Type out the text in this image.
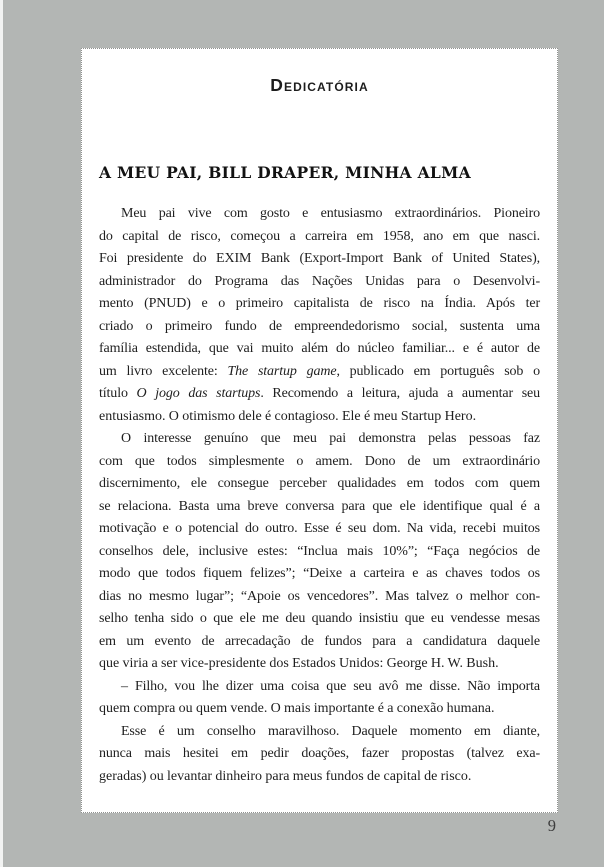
Dedicatória
A MEU PAI, BILL DRAPER, MINHA ALMA
Meu pai vive com gosto e entusiasmo extraordinários. Pioneiro
do capital de risco, começou a carreira em 1958, ano em que nasci.
Foi presidente do EXIM Bank (Export-Import Bank of United States),
administrador do Programa das Nações Unidas para o Desenvolvi-
mento (PNUD) e o primeiro capitalista de risco na Índia. Após ter
criado o primeiro fundo de empreendedorismo social, sustenta uma
família estendida, que vai muito além do núcleo familiar... e é autor de
um livro excelente: The startup game, publicado em português sob o
título O jogo das startups. Recomendo a leitura, ajuda a aumentar seu
entusiasmo. O otimismo dele é contagioso. Ele é meu Startup Hero.
O interesse genuíno que meu pai demonstra pelas pessoas faz
com que todos simplesmente o amem. Dono de um extraordinário
discernimento, ele consegue perceber qualidades em todos com quem
se relaciona. Basta uma breve conversa para que ele identifique qual é a
motivação e o potencial do outro. Esse é seu dom. Na vida, recebi muitos
conselhos dele, inclusive estes: “Inclua mais 10%”; “Faça negócios de
modo que todos fiquem felizes”; “Deixe a carteira e as chaves todos os
dias no mesmo lugar”; “Apoie os vencedores”. Mas talvez o melhor con-
selho tenha sido o que ele me deu quando insistiu que eu vendesse mesas
em um evento de arrecadação de fundos para a candidatura daquele
que viria a ser vice-presidente dos Estados Unidos: George H. W. Bush.
– Filho, vou lhe dizer uma coisa que seu avô me disse. Não importa
quem compra ou quem vende. O mais importante é a conexão humana.
Esse é um conselho maravilhoso. Daquele momento em diante,
nunca mais hesitei em pedir doações, fazer propostas (talvez exa-
geradas) ou levantar dinheiro para meus fundos de capital de risco.
9
